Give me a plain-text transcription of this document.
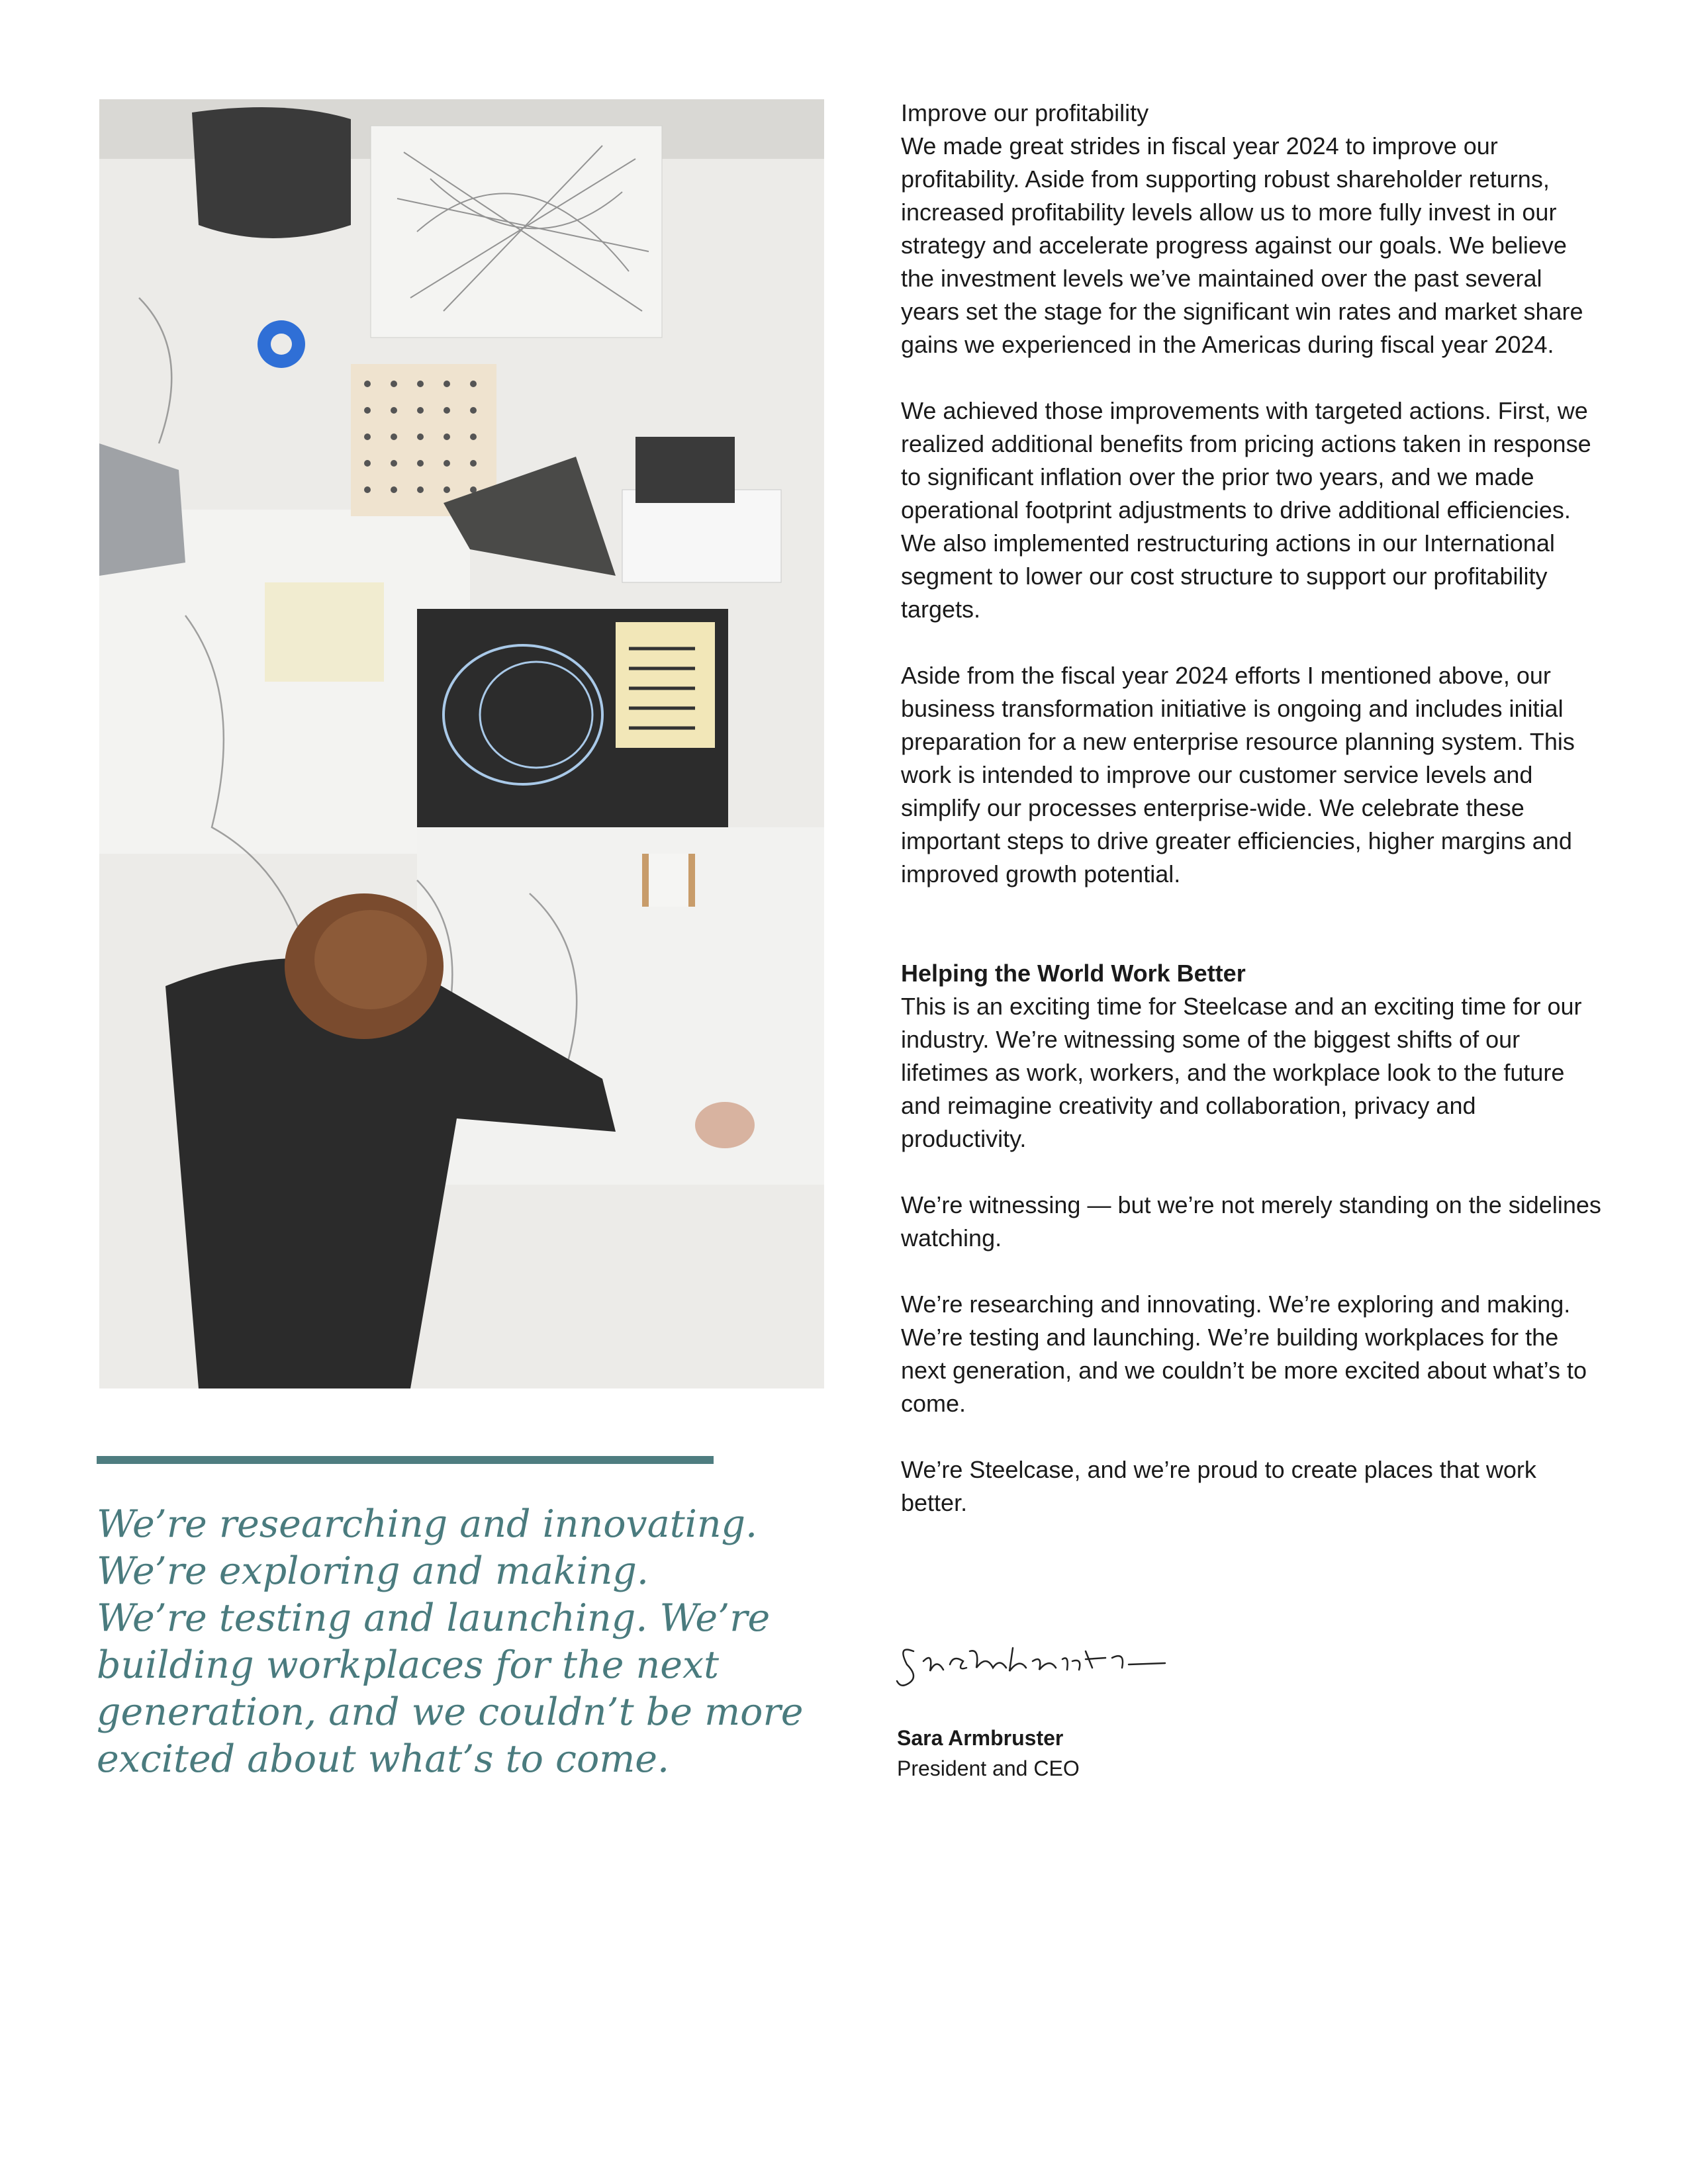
We’re researching and innovating.
We’re exploring and making.
We’re testing and launching. We’re
building workplaces for the next
generation, and we couldn’t be more
excited about what’s to come.
Improve our profitability

We made great strides in fiscal year 2024 to improve our profitability. Aside from supporting robust shareholder returns, increased profitability levels allow us to more fully invest in our strategy and accelerate progress against our goals. We believe the investment levels we’ve maintained over the past several years set the stage for the significant win rates and market share gains we experienced in the Americas during fiscal year 2024.

We achieved those improvements with targeted actions. First, we realized additional benefits from pricing actions taken in response to significant inflation over the prior two years, and we made operational footprint adjustments to drive additional efficiencies. We also implemented restructuring actions in our International segment to lower our cost structure to support our profitability targets.

Aside from the fiscal year 2024 efforts I mentioned above, our business transformation initiative is ongoing and includes initial preparation for a new enterprise resource planning system. This work is intended to improve our customer service levels and simplify our processes enterprise-wide. We celebrate these important steps to drive greater efficiencies, higher margins and improved growth potential.

Helping the World Work Better

This is an exciting time for Steelcase and an exciting time for our industry. We’re witnessing some of the biggest shifts of our lifetimes as work, workers, and the workplace look to the future and reimagine creativity and collaboration, privacy and productivity.

We’re witnessing — but we’re not merely standing on the sidelines watching.

We’re researching and innovating. We’re exploring and making. We’re testing and launching. We’re building workplaces for the next generation, and we couldn’t be more excited about what’s to come.

We’re Steelcase, and we’re proud to create places that work better.

Sara Armbruster
President and CEO
